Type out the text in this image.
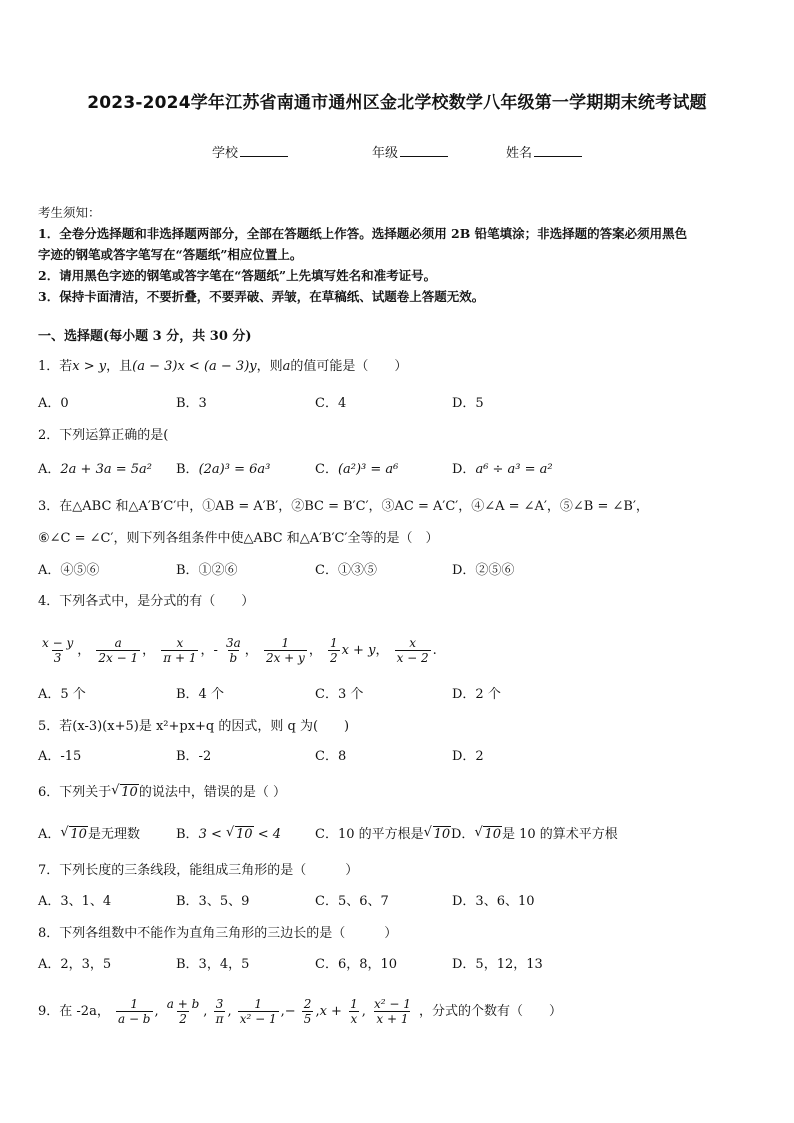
2023-2024学年江苏省南通市通州区金北学校数学八年级第一学期期末统考试题
学校	年级	姓名
考生须知：
1．全卷分选择题和非选择题两部分，全部在答题纸上作答。选择题必须用 2B 铅笔填涂；非选择题的答案必须用黑色
字迹的钢笔或答字笔写在“答题纸”相应位置上。
2．请用黑色字迹的钢笔或答字笔在“答题纸”上先填写姓名和准考证号。
3．保持卡面清洁，不要折叠，不要弄破、弄皱，在草稿纸、试题卷上答题无效。
一、选择题(每小题 3 分，共 30 分)
1．若x > y，且(a − 3)x < (a − 3)y，则a的值可能是（　　）
A．0	B．3	C．4	D．5
2．下列运算正确的是(
A．2a + 3a = 5a² B．(2a)³ = 6a³	C．(a²)³ = a⁶	D．a⁶ ÷ a³ = a²
3．在△ABC 和△A′B′C′中，①AB = A′B′，②BC = B′C′，③AC = A′C′，④∠A = ∠A′，⑤∠B = ∠B′，
⑥∠C = ∠C′，则下列各组条件中使△ABC 和△A′B′C′全等的是（　）
A．④⑤⑥	B．①②⑥	C．①③⑤	D．②⑤⑥
4．下列各式中，是分式的有（　　）
$\frac{x - y}{3}$ ， $\frac{a}{2x - 1}$ ， $\frac{x}{\pi + 1}$ ，- $\frac{3a}{b}$ ， $\frac{1}{2x + y}$ ， $\frac{1}{2}$ x + y， $\frac{x}{x - 2}$ .
A．5 个	B．4 个	C．3 个	D．2 个
5．若(x-3)(x+5)是 x²+px+q 的因式，则 q 为(　　)
A．-15	B．-2	C．8	D．2
6．下列关于 √ 10的说法中，错误的是（ ）
A． √ 10是无理数	B．3 < √ 10 < 4	C．10 的平方根是 √ 10 D． √ 10是 10 的算术平方根
7．下列长度的三条线段，能组成三角形的是（　　　）
A．3、1、4	B．3、5、9	C．5、6、7	D．3、6、10
8．下列各组数中不能作为直角三角形的三边长的是（　　　）
A．2，3，5	B．3，4，5	C．6，8，10	D．5，12，13
9．在 -2a， $\frac{1}{a - b}$ , $\frac{a + b}{2}$ , $\frac{3}{\pi}$ , $\frac{1}{\text{x² − 1}}$ ,− $\frac{2}{5} ,x + \frac{1}{x}$ , $\frac{\text{x² − 1}}{x + 1}$ ，分式的个数有（　　）
